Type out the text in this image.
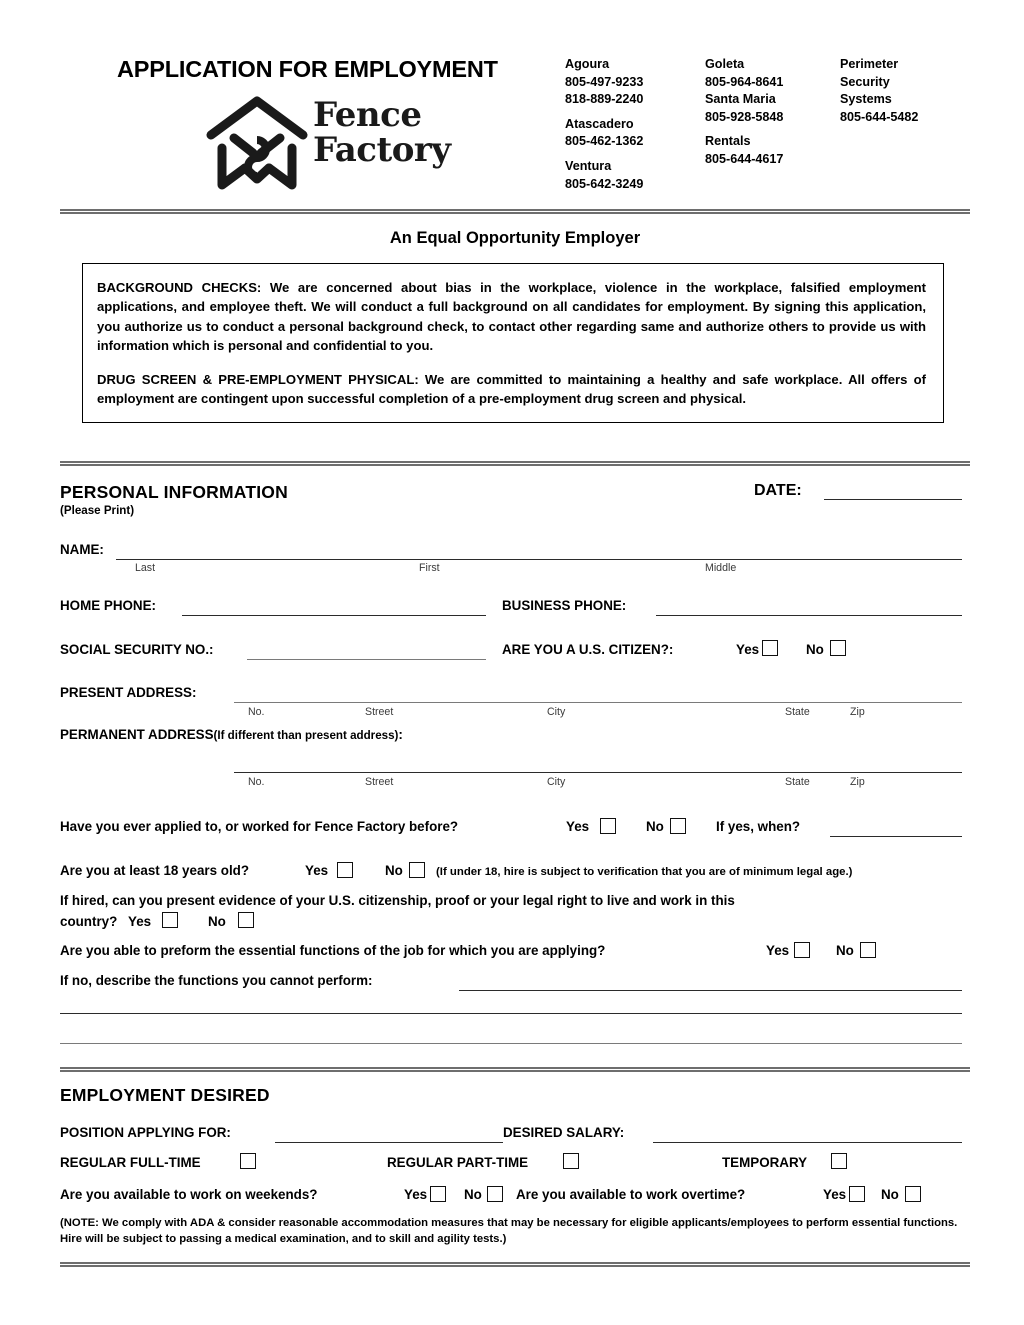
APPLICATION FOR EMPLOYMENT
Fence
Factory
Agoura
805-497-9233
818-889-2240
Atascadero
805-462-1362
Ventura
805-642-3249
Goleta
805-964-8641
Santa Maria
805-928-5848
Rentals
805-644-4617
Perimeter
Security
Systems
805-644-5482
An Equal Opportunity Employer

BACKGROUND CHECKS: We are concerned about bias in the workplace, violence in the workplace, falsified employment applications, and employee theft. We will conduct a full background on all candidates for employment. By signing this application, you authorize us to conduct a personal background check, to contact other regarding same and authorize others to provide us with information which is personal and confidential to you.

DRUG SCREEN & PRE-EMPLOYMENT PHYSICAL: We are committed to maintaining a healthy and safe workplace. All offers of employment are contingent upon successful completion of a pre-employment drug screen and physical.

PERSONAL INFORMATION
(Please Print)
DATE:
NAME:
Last	First	Middle
HOME PHONE:	BUSINESS PHONE:
SOCIAL SECURITY NO.:	ARE YOU A U.S. CITIZEN?:	Yes	No
PRESENT ADDRESS:
No.	Street	City	State	Zip
PERMANENT ADDRESS(If different than present address):
No.	Street	City	State	Zip
Have you ever applied to, or worked for Fence Factory before?	Yes	No	If yes, when?
Are you at least 18 years old?	Yes	No	(If under 18, hire is subject to verification that you are of minimum legal age.)
If hired, can you present evidence of your U.S. citizenship, proof or your legal right to live and work in this
country? Yes	No
Are you able to preform the essential functions of the job for which you are applying?	Yes	No
If no, describe the functions you cannot perform:
EMPLOYMENT DESIRED
POSITION APPLYING FOR:	DESIRED SALARY:
REGULAR FULL-TIME	REGULAR PART-TIME	TEMPORARY
Are you available to work on weekends?	Yes	No	Are you available to work overtime?	Yes	No
(NOTE: We comply with ADA & consider reasonable accommodation measures that may be necessary for eligible applicants/employees to perform essential functions. Hire will be subject to passing a medical examination, and to skill and agility tests.)
